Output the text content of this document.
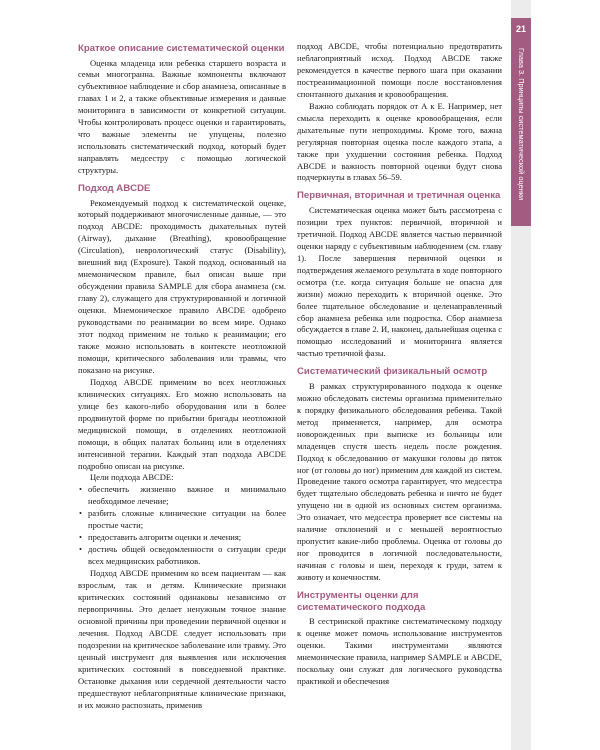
21
Глава 3. Принципы систематической оценки
Краткое описание систематической оценки

Оценка младенца или ребенка старшего возраста и семьи многогранна. Важные компоненты включают субъективное наблюдение и сбор анамнеза, описанные в главах 1 и 2, а также объективные измерения и данные мониторинга в зависимости от конкретной ситуации. Чтобы контролировать процесс оценки и гарантировать, что важные элементы не упущены, полезно использовать систематический подход, который будет направлять медсестру с помощью логической структуры.

Подход ABCDE

Рекомендуемый подход к систематической оценке, который поддерживают многочисленные данные, — это подход ABCDE: проходимость дыхательных путей (Airway), дыхание (Breathing), кровообращение (Circulation), неврологический статус (Disability), внешний вид (Exposure). Такой подход, основанный на мнемоническом правиле, был описан выше при обсуждении правила SAMPLE для сбора анамнеза (см. главу 2), служащего для структурированной и логичной оценки. Мнемоническое правило ABCDE одобрено руководствами по реанимации во всем мире. Однако этот подход применим не только к реанимации; его также можно использовать в контексте неотложной помощи, критического заболевания или травмы, что показано на рисунке.

Подход ABCDE применим во всех неотложных клинических ситуациях. Его можно использовать на улице без какого-либо оборудования или в более продвинутой форме по прибытии бригады неотложной медицинской помощи, в отделениях неотложной помощи, в общих палатах больниц или в отделениях интенсивной терапии. Каждый этап подхода ABCDE подробно описан на рисунке.

Цели подхода ABCDE:

• обеспечить жизненно важное и минимально необходимое лечение;
• разбить сложные клинические ситуации на более простые части;
• предоставить алгоритм оценки и лечения;
• достичь общей осведомленности о ситуации среди всех медицинских работников.

Подход ABCDE применим ко всем пациентам — как взрослым, так и детям. Клинические признаки критических состояний одинаковы независимо от первопричины. Это делает ненужным точное знание основной причины при проведении первичной оценки и лечения. Подход ABCDE следует использовать при подозрении на критическое заболевание или травму. Это ценный инструмент для выявления или исключения критических состояний в повседневной практике. Остановке дыхания или сердечной деятельности часто предшествуют неблагоприятные клинические признаки, и их можно распознать, применив

подход ABCDE, чтобы потенциально предотвратить неблагоприятный исход. Подход ABCDE также рекомендуется в качестве первого шага при оказании постреанимационной помощи после восстановления спонтанного дыхания и кровообращения.

Важно соблюдать порядок от А к Е. Например, нет смысла переходить к оценке кровообращения, если дыхательные пути непроходимы. Кроме того, важна регулярная повторная оценка после каждого этапа, а также при ухудшении состояния ребенка. Подход ABCDE и важность повторной оценки будут снова подчеркнуты в главах 56–59.

Первичная, вторичная и третичная оценка

Систематическая оценка может быть рассмотрена с позиции трех пунктов: первичной, вторичной и третичной. Подход ABCDE является частью первичной оценки наряду с субъективным наблюдением (см. главу 1). После завершения первичной оценки и подтверждения желаемого результата в ходе повторного осмотра (т.е. когда ситуация больше не опасна для жизни) можно переходить к вторичной оценке. Это более тщательное обследование и целенаправленный сбор анамнеза ребенка или подростка. Сбор анамнеза обсуждается в главе 2. И, наконец, дальнейшая оценка с помощью исследований и мониторинга является частью третичной фазы.

Систематический физикальный осмотр

В рамках структурированного подхода к оценке можно обследовать системы организма применительно к порядку физикального обследования ребенка. Такой метод применяется, например, для осмотра новорожденных при выписке из больницы или младенцев спустя шесть недель после рождения. Подход к обследованию от макушки головы до пяток ног (от головы до ног) применим для каждой из систем. Проведение такого осмотра гарантирует, что медсестра будет тщательно обследовать ребенка и ничто не будет упущено ни в одной из основных систем организма. Это означает, что медсестра проверяет все системы на наличие отклонений и с меньшей вероятностью пропустит какие-либо проблемы. Оценка от головы до ног проводится в логичной последовательности, начиная с головы и шеи, переходя к груди, затем к животу и конечностям.

Инструменты оценки для систематического подхода

В сестринской практике систематическому подходу к оценке может помочь использование инструментов оценки. Такими инструментами являются мнемонические правила, например SAMPLE и ABCDE, поскольку они служат для логического руководства практикой и обеспечения
